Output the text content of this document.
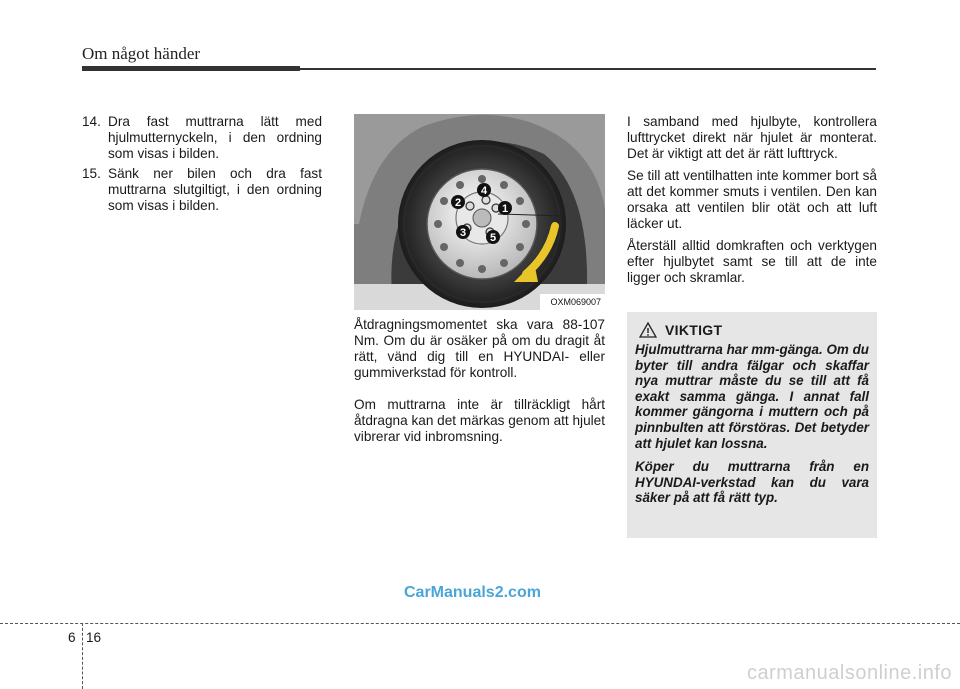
Om något händer
14. Dra fast muttrarna lätt med hjulmutternyckeln, i den ordning som visas i bilden.
15. Sänk ner bilen och dra fast muttrarna slutgiltigt, i den ordning som visas i bilden.	1
2
3
4
5
OXM069007

Åtdragningsmomentet ska vara 88-107 Nm. Om du är osäker på om du dragit åt rätt, vänd dig till en HYUNDAI- eller gummiverkstad för kontroll.

Om muttrarna inte är tillräckligt hårt åtdragna kan det märkas genom att hjulet vibrerar vid inbromsning.

I samband med hjulbyte, kontrollera lufttrycket direkt när hjulet är monterat. Det är viktigt att det är rätt lufttryck.

Se till att ventilhatten inte kommer bort så att det kommer smuts i ventilen. Den kan orsaka att ventilen blir otät och att luft läcker ut.

Återställ alltid domkraften och verktygen efter hjulbytet samt se till att de inte ligger och skramlar.

VIKTIGT
Hjulmuttrarna har mm-gänga. Om du byter till andra fälgar och skaffar nya muttrar måste du se till att få exakt samma gänga. I annat fall kommer gängorna i muttern och på pinnbulten att förstöras. Det betyder att hjulet kan lossna.
Köper du muttrarna från en HYUNDAI-verkstad kan du vara säker på att få rätt typ.
CarManuals2.com
6 16
carmanualsonline.info
